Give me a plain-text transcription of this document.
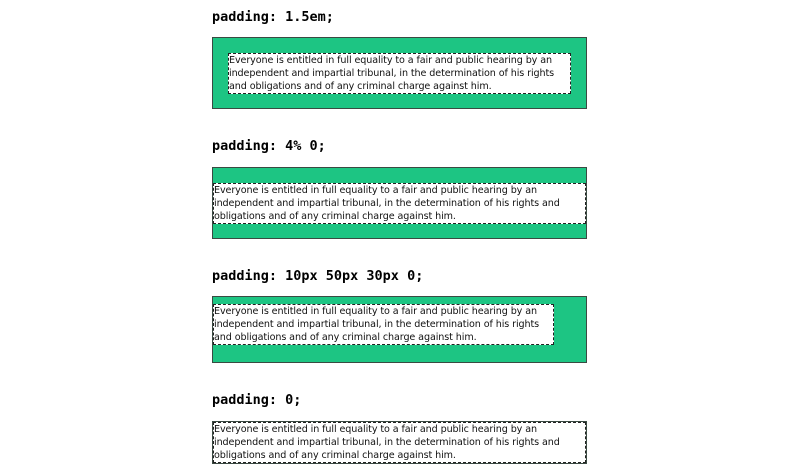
padding: 1.5em;
Everyone is entitled in full equality to a fair and public hearing by an independent and impartial tribunal, in the determination of his rights and obligations and of any criminal charge against him.
padding: 4% 0;
Everyone is entitled in full equality to a fair and public hearing by an independent and impartial tribunal, in the determination of his rights and obligations and of any criminal charge against him.
padding: 10px 50px 30px 0;
Everyone is entitled in full equality to a fair and public hearing by an independent and impartial tribunal, in the determination of his rights and obligations and of any criminal charge against him.
padding: 0;
Everyone is entitled in full equality to a fair and public hearing by an independent and impartial tribunal, in the determination of his rights and obligations and of any criminal charge against him.
